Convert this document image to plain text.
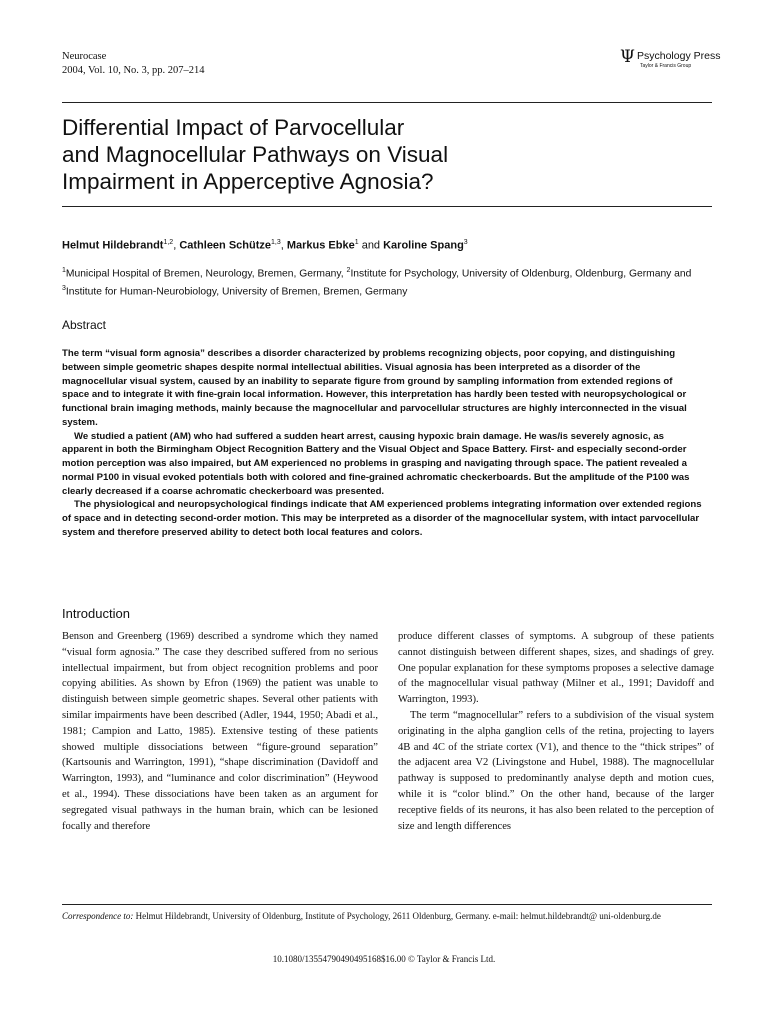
Neurocase
2004, Vol. 10, No. 3, pp. 207–214
Ψ Psychology Press
Taylor & Francis Group
Differential Impact of Parvocellular
and Magnocellular Pathways on Visual
Impairment in Apperceptive Agnosia?
Helmut Hildebrandt$^{1,2}$, Cathleen Schütze$^{1,3}$, Markus Ebke$^1$ and Karoline Spang$^3$
$^1$Municipal Hospital of Bremen, Neurology, Bremen, Germany, $^2$Institute for Psychology, University of Oldenburg, Oldenburg, Germany and $^3$Institute for Human-Neurobiology, University of Bremen, Bremen, Germany
Abstract

The term “visual form agnosia” describes a disorder characterized by problems recognizing objects, poor copying, and distinguishing between simple geometric shapes despite normal intellectual abilities. Visual agnosia has been interpreted as a disorder of the magnocellular visual system, caused by an inability to separate figure from ground by sampling information from extended regions of space and to integrate it with fine-grain local information. However, this interpretation has hardly been tested with neuropsychological or functional brain imaging methods, mainly because the magnocellular and parvocellular structures are highly interconnected in the visual system.

We studied a patient (AM) who had suffered a sudden heart arrest, causing hypoxic brain damage. He was/is severely agnosic, as apparent in both the Birmingham Object Recognition Battery and the Visual Object and Space Battery. First- and especially second-order motion perception was also impaired, but AM experienced no problems in grasping and navigating through space. The patient revealed a normal P100 in visual evoked potentials both with colored and fine-grained achromatic checkerboards. But the amplitude of the P100 was clearly decreased if a coarse achromatic checkerboard was presented.

The physiological and neuropsychological findings indicate that AM experienced problems integrating information over extended regions of space and in detecting second-order motion. This may be interpreted as a disorder of the magnocellular system, with intact parvocellular system and therefore preserved ability to detect both local features and colors.

Introduction

Benson and Greenberg (1969) described a syndrome which they named “visual form agnosia.” The case they described suffered from no serious intellectual impairment, but from object recognition problems and poor copying abilities. As shown by Efron (1969) the patient was unable to distinguish between simple geometric shapes. Several other patients with similar impairments have been described (Adler, 1944, 1950; Abadi et al., 1981; Campion and Latto, 1985). Extensive testing of these patients showed multiple dissociations between “figure-ground separation” (Kartsounis and Warrington, 1991), “shape discrimination (Davidoff and Warrington, 1993), and “luminance and color discrimination” (Heywood et al., 1994). These dissociations have been taken as an argument for segregated visual pathways in the human brain, which can be lesioned focally and therefore

produce different classes of symptoms. A subgroup of these patients cannot distinguish between different shapes, sizes, and shadings of grey. One popular explanation for these symptoms proposes a selective damage of the magnocellular visual pathway (Milner et al., 1991; Davidoff and Warrington, 1993).

The term “magnocellular” refers to a subdivision of the visual system originating in the alpha ganglion cells of the retina, projecting to layers 4B and 4C of the striate cortex (V1), and thence to the “thick stripes” of the adjacent area V2 (Livingstone and Hubel, 1988). The magnocellular pathway is supposed to predominantly analyse depth and motion cues, while it is “color blind.” On the other hand, because of the larger receptive fields of its neurons, it has also been related to the perception of size and length differences

Correspondence to: Helmut Hildebrandt, University of Oldenburg, Institute of Psychology, 2611 Oldenburg, Germany. e-mail: helmut.hildebrandt@ uni-oldenburg.de
10.1080/13554790490495168$16.00 © Taylor & Francis Ltd.
